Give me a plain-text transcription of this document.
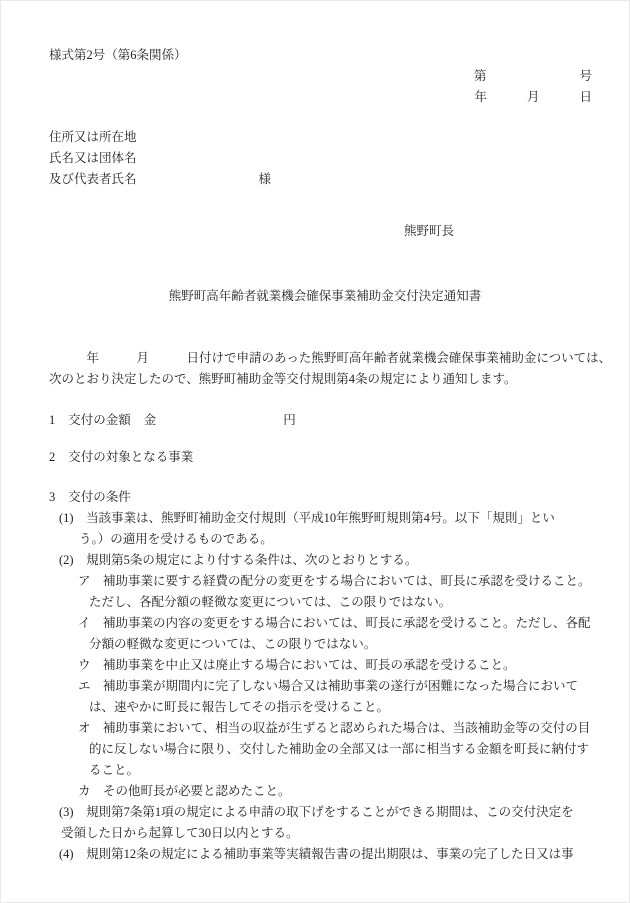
様式第2号（第6条関係）
第	号
年	月	日
住所又は所在地
氏名又は団体名
及び代表者氏名	様
熊野町長
熊野町高年齢者就業機会確保事業補助金交付決定通知書
　　　年　　　月　　　日付けで申請のあった熊野町高年齢者就業機会確保事業補助金については、
次のとおり決定したので、熊野町補助金等交付規則第4条の規定により通知します。
1 交付の金額 金	円
2 交付の対象となる事業
3 交付の条件
(1)　当該事業は、熊野町補助金交付規則（平成10年熊野町規則第4号。以下「規則」とい
う。）の適用を受けるものである。
(2)　規則第5条の規定により付する条件は、次のとおりとする。
ア　補助事業に要する経費の配分の変更をする場合においては、町長に承認を受けること。
ただし、各配分額の軽微な変更については、この限りではない。
イ　補助事業の内容の変更をする場合においては、町長に承認を受けること。ただし、各配
分額の軽微な変更については、この限りではない。
ウ　補助事業を中止又は廃止する場合においては、町長の承認を受けること。
エ　補助事業が期間内に完了しない場合又は補助事業の遂行が困難になった場合において
は、速やかに町長に報告してその指示を受けること。
オ　補助事業において、相当の収益が生ずると認められた場合は、当該補助金等の交付の目
的に反しない場合に限り、交付した補助金の全部又は一部に相当する金額を町長に納付す
ること。
カ　その他町長が必要と認めたこと。
(3)　規則第7条第1項の規定による申請の取下げをすることができる期間は、この交付決定を
受領した日から起算して30日以内とする。
(4)　規則第12条の規定による補助事業等実績報告書の提出期限は、事業の完了した日又は事
